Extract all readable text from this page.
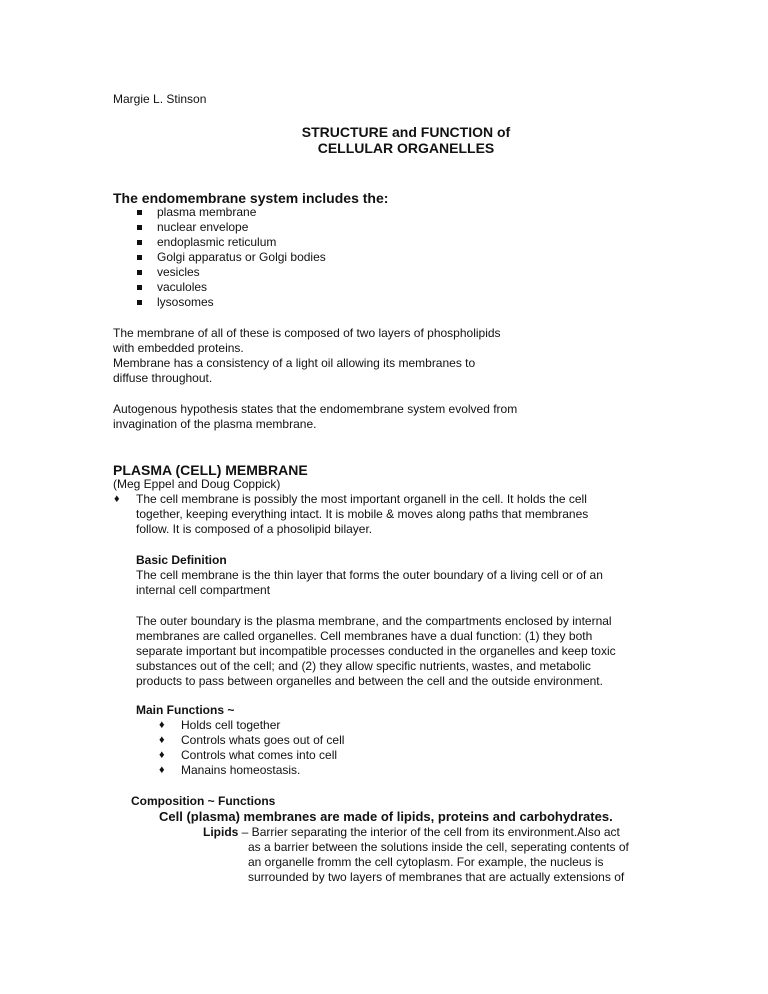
Margie L. Stinson
STRUCTURE and FUNCTION of
CELLULAR ORGANELLES
The endomembrane system includes the:
plasma membrane
nuclear envelope
endoplasmic reticulum
Golgi apparatus or Golgi bodies
vesicles
vaculoles
lysosomes
The membrane of all of these is composed of two layers of phospholipids
with embedded proteins.
Membrane has a consistency of a light oil allowing its membranes to
diffuse throughout.
Autogenous hypothesis states that the endomembrane system evolved from
invagination of the plasma membrane.
PLASMA (CELL) MEMBRANE
(Meg Eppel and Doug Coppick)
♦ The cell membrane is possibly the most important organell in the cell. It holds the cell
together, keeping everything intact. It is mobile & moves along paths that membranes
follow. It is composed of a phosolipid bilayer.
Basic Definition
The cell membrane is the thin layer that forms the outer boundary of a living cell or of an
internal cell compartment
The outer boundary is the plasma membrane, and the compartments enclosed by internal
membranes are called organelles. Cell membranes have a dual function: (1) they both
separate important but incompatible processes conducted in the organelles and keep toxic
substances out of the cell; and (2) they allow specific nutrients, wastes, and metabolic
products to pass between organelles and between the cell and the outside environment.
Main Functions ~
♦ Holds cell together
♦ Controls whats goes out of cell
♦ Controls what comes into cell
♦ Manains homeostasis.
Composition ~ Functions
Cell (plasma) membranes are made of lipids, proteins and carbohydrates.
Lipids – Barrier separating the interior of the cell from its environment.Also act
as a barrier between the solutions inside the cell, seperating contents of
an organelle fromm the cell cytoplasm. For example, the nucleus is
surrounded by two layers of membranes that are actually extensions of
